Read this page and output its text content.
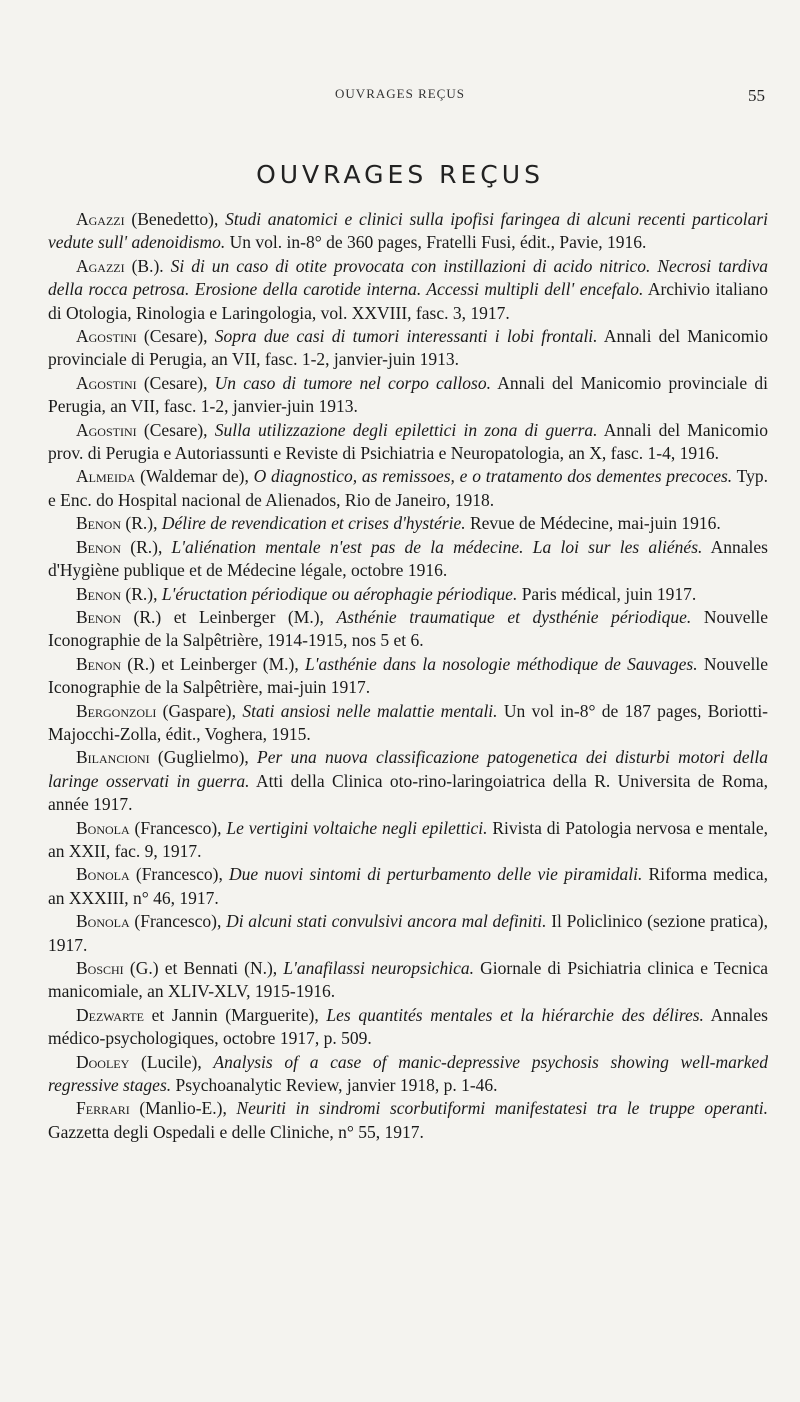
OUVRAGES REÇUS	55
OUVRAGES REÇUS

Agazzi (Benedetto), Studi anatomici e clinici sulla ipofisi faringea di alcuni recenti particolari vedute sull' adenoidismo. Un vol. in-8° de 360 pages, Fratelli Fusi, édit., Pavie, 1916.

Agazzi (B.). Si di un caso di otite provocata con instillazioni di acido nitrico. Necrosi tardiva della rocca petrosa. Erosione della carotide interna. Accessi multipli dell' encefalo. Archivio italiano di Otologia, Rinologia e Laringologia, vol. XXVIII, fasc. 3, 1917.

Agostini (Cesare), Sopra due casi di tumori interessanti i lobi frontali. Annali del Manicomio provinciale di Perugia, an VII, fasc. 1-2, janvier-juin 1913.

Agostini (Cesare), Un caso di tumore nel corpo calloso. Annali del Manicomio provinciale di Perugia, an VII, fasc. 1-2, janvier-juin 1913.

Agostini (Cesare), Sulla utilizzazione degli epilettici in zona di guerra. Annali del Manicomio prov. di Perugia e Autoriassunti e Reviste di Psichiatria e Neuropatologia, an X, fasc. 1-4, 1916.

Almeida (Waldemar de), O diagnostico, as remissoes, e o tratamento dos dementes precoces. Typ. e Enc. do Hospital nacional de Alienados, Rio de Janeiro, 1918.

Benon (R.), Délire de revendication et crises d'hystérie. Revue de Médecine, mai-juin 1916.

Benon (R.), L'aliénation mentale n'est pas de la médecine. La loi sur les aliénés. Annales d'Hygiène publique et de Médecine légale, octobre 1916.

Benon (R.), L'éructation périodique ou aérophagie périodique. Paris médical, juin 1917.

Benon (R.) et Leinberger (M.), Asthénie traumatique et dysthénie périodique. Nouvelle Iconographie de la Salpêtrière, 1914-1915, nos 5 et 6.

Benon (R.) et Leinberger (M.), L'asthénie dans la nosologie méthodique de Sauvages. Nouvelle Iconographie de la Salpêtrière, mai-juin 1917.

Bergonzoli (Gaspare), Stati ansiosi nelle malattie mentali. Un vol in-8° de 187 pages, Boriotti-Majocchi-Zolla, édit., Voghera, 1915.

Bilancioni (Guglielmo), Per una nuova classificazione patogenetica dei disturbi motori della laringe osservati in guerra. Atti della Clinica oto-rino-laringoiatrica della R. Universita de Roma, année 1917.

Bonola (Francesco), Le vertigini voltaiche negli epilettici. Rivista di Patologia nervosa e mentale, an XXII, fac. 9, 1917.

Bonola (Francesco), Due nuovi sintomi di perturbamento delle vie piramidali. Riforma medica, an XXXIII, n° 46, 1917.

Bonola (Francesco), Di alcuni stati convulsivi ancora mal definiti. Il Policlinico (sezione pratica), 1917.

Boschi (G.) et Bennati (N.), L'anafilassi neuropsichica. Giornale di Psichiatria clinica e Tecnica manicomiale, an XLIV-XLV, 1915-1916.

Dezwarte et Jannin (Marguerite), Les quantités mentales et la hiérarchie des délires. Annales médico-psychologiques, octobre 1917, p. 509.

Dooley (Lucile), Analysis of a case of manic-depressive psychosis showing well-marked regressive stages. Psychoanalytic Review, janvier 1918, p. 1-46.

Ferrari (Manlio-E.), Neuriti in sindromi scorbutiformi manifestatesi tra le truppe operanti. Gazzetta degli Ospedali e delle Cliniche, n° 55, 1917.
